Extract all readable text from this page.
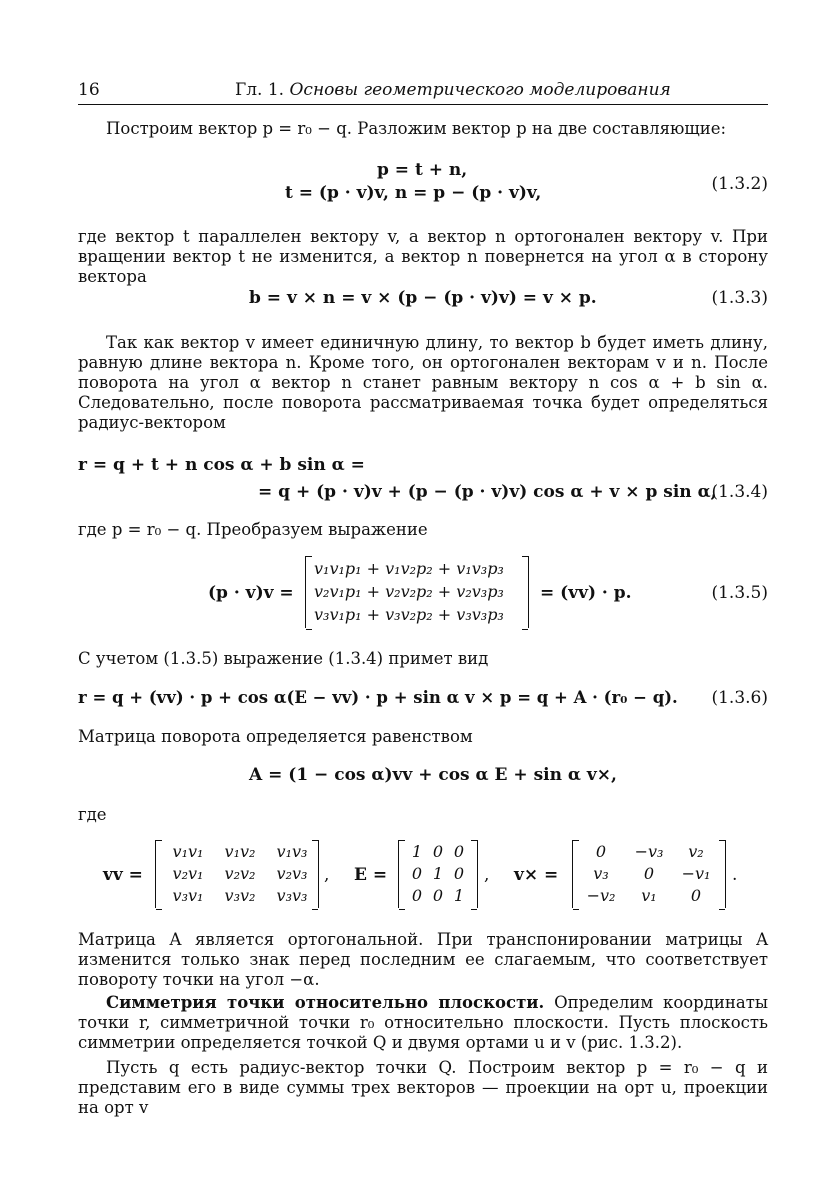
16	Гл. 1. Основы геометрического моделирования
Построим вектор p = r₀ − q. Разложим вектор p на две составляющие:
p = t + n,
t = (p · v)v, n = p − (p · v)v,	(1.3.2)
где вектор t параллелен вектору v, а вектор n ортогонален вектору v. При вращении вектор t не изменится, а вектор n повернется на угол α в сторону вектора
b = v × n = v × (p − (p · v)v) = v × p.	(1.3.3)
Так как вектор v имеет единичную длину, то вектор b будет иметь длину, равную длине вектора n. Кроме того, он ортогонален векторам v и n. После поворота на угол α вектор n станет равным вектору n cos α + b sin α. Следовательно, после поворота рассматриваемая точка будет определяться радиус-вектором
r = q + t + n cos α + b sin α =
= q + (p · v)v + (p − (p · v)v) cos α + v × p sin α,
(1.3.4)
где p = r₀ − q. Преобразуем выражение
(p · v)v =
v₁v₁p₁ + v₁v₂p₂ + v₁v₃p₃
v₂v₁p₁ + v₂v₂p₂ + v₂v₃p₃
v₃v₁p₁ + v₃v₂p₂ + v₃v₃p₃
= (vv) · p.	(1.3.5)
С учетом (1.3.5) выражение (1.3.4) примет вид
r = q + (vv) · p + cos α(E − vv) · p + sin α v × p = q + A · (r₀ − q). (1.3.6)
Матрица поворота определяется равенством
A = (1 − cos α)vv + cos α E + sin α v×,
где
vv =
v₁v₁	v₁v₂	v₁v₃
v₂v₁	v₂v₂	v₂v₃
v₃v₁	v₃v₂	v₃v₃
, E =
1 0 0
0 1 0
0 0 1
, v× =
0	−v₃	v₂
v₃	0	−v₁
−v₂	v₁	0
.
Матрица A является ортогональной. При транспонировании матрицы A изменится только знак перед последним ее слагаемым, что соответствует повороту точки на угол −α.
Симметрия точки относительно плоскости. Определим координаты точки r, симметричной точки r₀ относительно плоскости. Пусть плоскость симметрии определяется точкой Q и двумя ортами u и v (рис. 1.3.2).
Пусть q есть радиус-вектор точки Q. Построим вектор p = r₀ − q и представим его в виде суммы трех векторов — проекции на орт u, проекции на орт v
